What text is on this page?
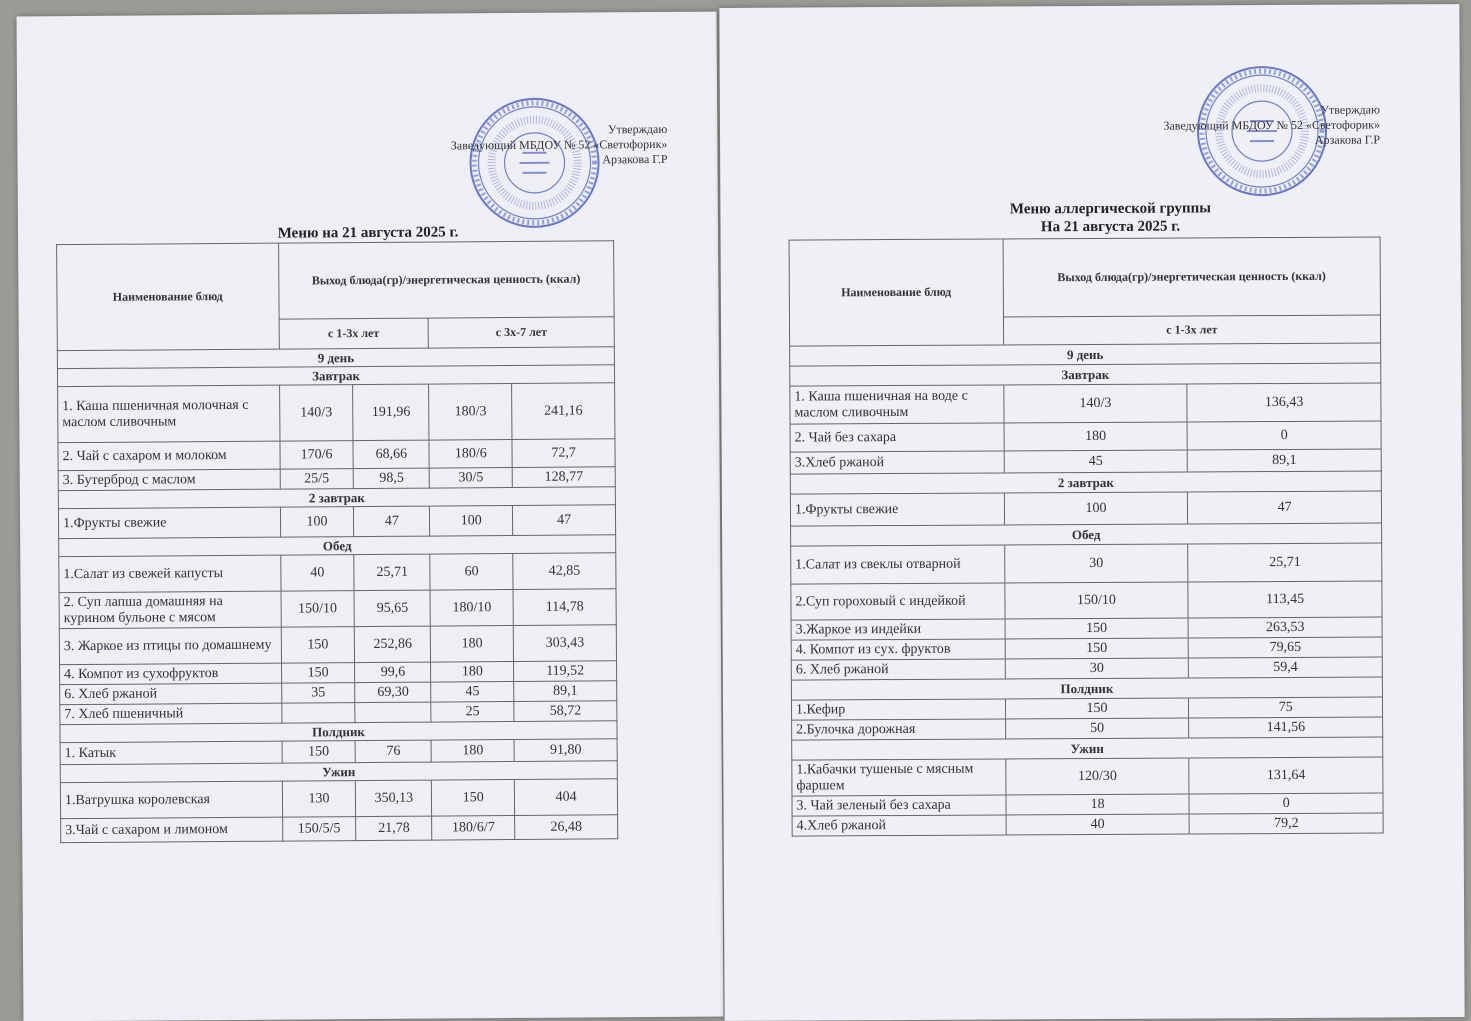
Утверждаю
Заведующий МБДОУ № 52 «Светофорик»
Арзакова Г.Р
Меню на 21 августа 2025 г.
Наименование блюд	Выход блюда(гр)/энергетическая ценность (ккал)			
	с 1-3х лет		с 3х-7 лет	
9 день				
Завтрак				
1. Каша пшеничная молочная с маслом сливочным	140/3	191,96	180/3	241,16
2. Чай с сахаром и молоком	170/6	68,66	180/6	72,7
3. Бутерброд с маслом	25/5	98,5	30/5	128,77
2 завтрак				
1.Фрукты свежие	100	47	100	47
Обед				
1.Салат из свежей капусты	40	25,71	60	42,85
2. Суп лапша домашняя на курином бульоне с мясом	150/10	95,65	180/10	114,78
3. Жаркое из птицы по домашнему	150	252,86	180	303,43
4. Компот из сухофруктов	150	99,6	180	119,52
6. Хлеб ржаной	35	69,30	45	89,1
7. Хлеб пшеничный			25	58,72
Полдник				
1. Катык	150	76	180	91,80
Ужин				
1.Ватрушка королевская	130	350,13	150	404
3.Чай с сахаром и лимоном	150/5/5	21,78	180/6/7	26,48
Утверждаю
Заведующий МБДОУ № 52 «Светофорик»
Арзакова Г.Р
Меню аллергической группы
На 21 августа 2025 г.
Наименование блюд	Выход блюда(гр)/энергетическая ценность (ккал)	
	с 1-3х лет	
9 день		
Завтрак		
1. Каша пшеничная на воде с маслом сливочным	140/3	136,43
2. Чай без сахара	180	0
3.Хлеб ржаной	45	89,1
2 завтрак		
1.Фрукты свежие	100	47
Обед		
1.Салат из свеклы отварной	30	25,71
2.Суп гороховый с индейкой	150/10	113,45
3.Жаркое из индейки	150	263,53
4. Компот из сух. фруктов	150	79,65
6. Хлеб ржаной	30	59,4
Полдник		
1.Кефир	150	75
2.Булочка дорожная	50	141,56
Ужин		
1.Кабачки тушеные с мясным фаршем	120/30	131,64
3. Чай зеленый без сахара	18	0
4.Хлеб ржаной	40	79,2
